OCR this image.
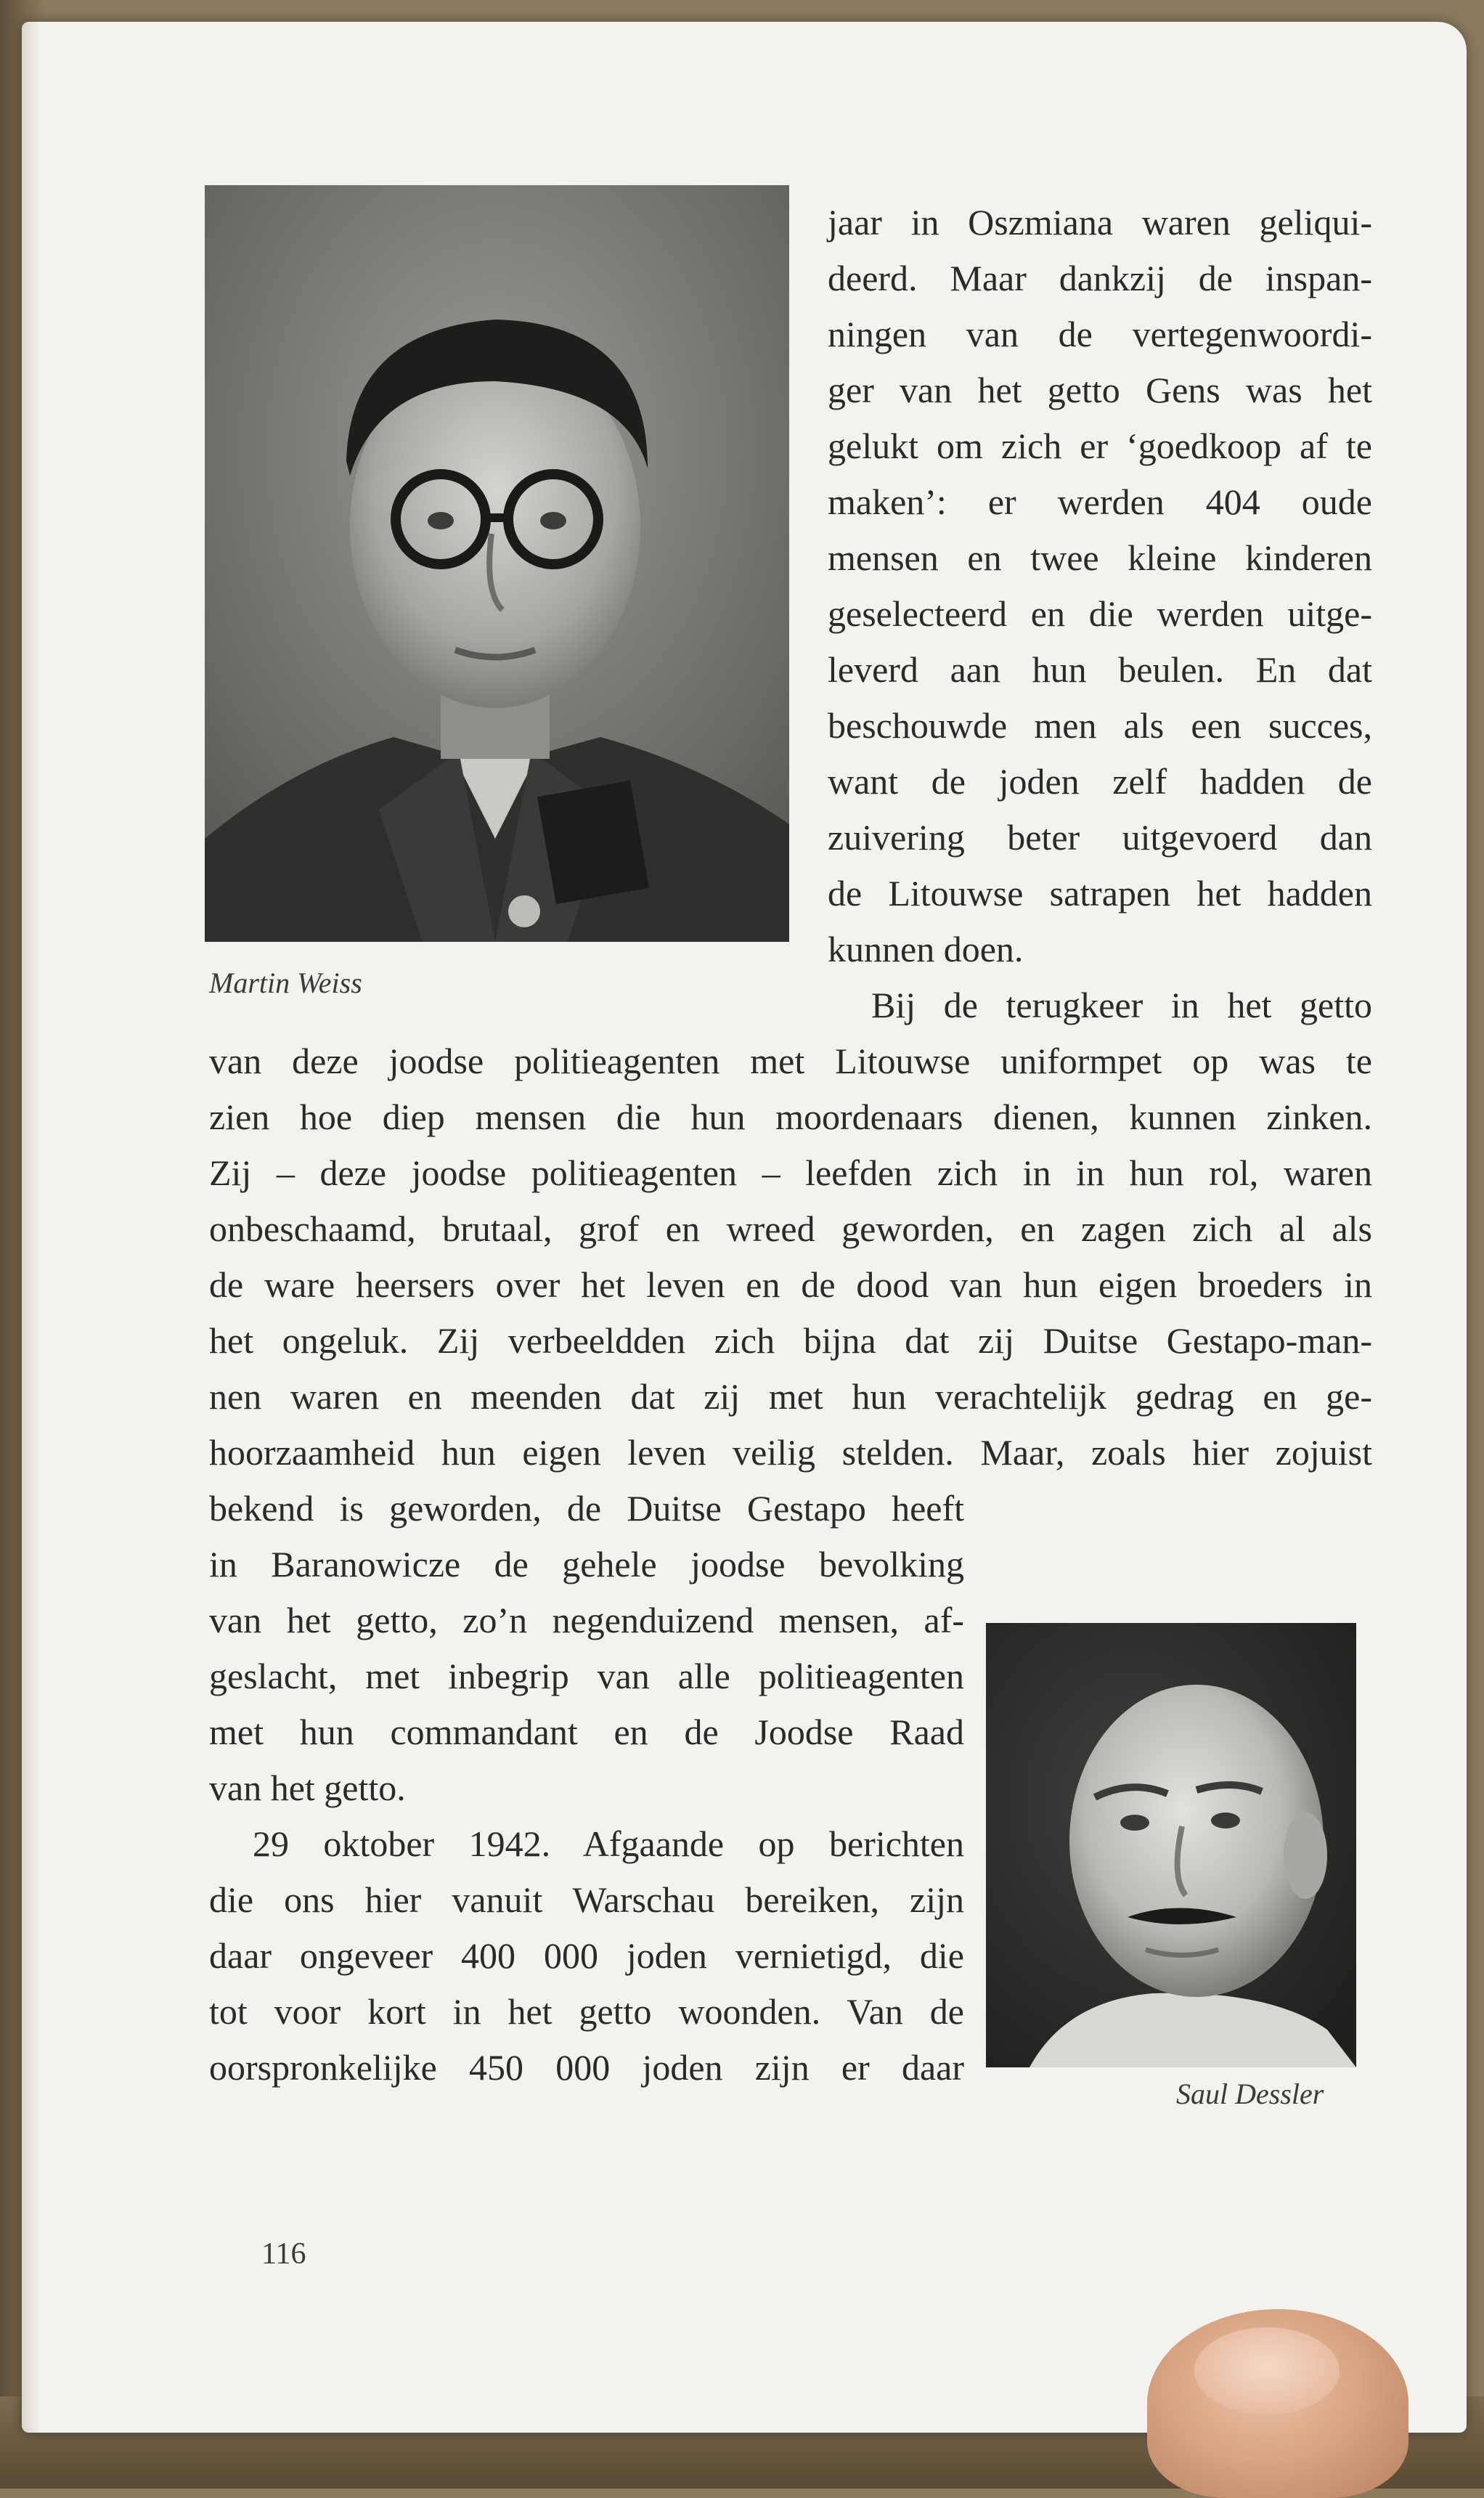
Martin Weiss
Saul Dessler
jaar in Oszmiana waren geliqui-
deerd. Maar dankzij de inspan-
ningen van de vertegenwoordi-
ger van het getto Gens was het
gelukt om zich er ‘goedkoop af te
maken’: er werden 404 oude
mensen en twee kleine kinderen
geselecteerd en die werden uitge-
leverd aan hun beulen. En dat
beschouwde men als een succes,
want de joden zelf hadden de
zuivering beter uitgevoerd dan
de Litouwse satrapen het hadden
kunnen doen.
Bij de terugkeer in het getto
van deze joodse politieagenten met Litouwse uniformpet op was te
zien hoe diep mensen die hun moordenaars dienen, kunnen zinken.
Zij – deze joodse politieagenten – leefden zich in in hun rol, waren
onbeschaamd, brutaal, grof en wreed geworden, en zagen zich al als
de ware heersers over het leven en de dood van hun eigen broeders in
het ongeluk. Zij verbeeldden zich bijna dat zij Duitse Gestapo-man-
nen waren en meenden dat zij met hun verachtelijk gedrag en ge-
hoorzaamheid hun eigen leven veilig stelden. Maar, zoals hier zojuist
bekend is geworden, de Duitse Gestapo heeft
in Baranowicze de gehele joodse bevolking
van het getto, zo’n negenduizend mensen, af-
geslacht, met inbegrip van alle politieagenten
met hun commandant en de Joodse Raad
van het getto.
29 oktober 1942. Afgaande op berichten
die ons hier vanuit Warschau bereiken, zijn
daar ongeveer 400 000 joden vernietigd, die
tot voor kort in het getto woonden. Van de
oorspronkelijke 450 000 joden zijn er daar
116
